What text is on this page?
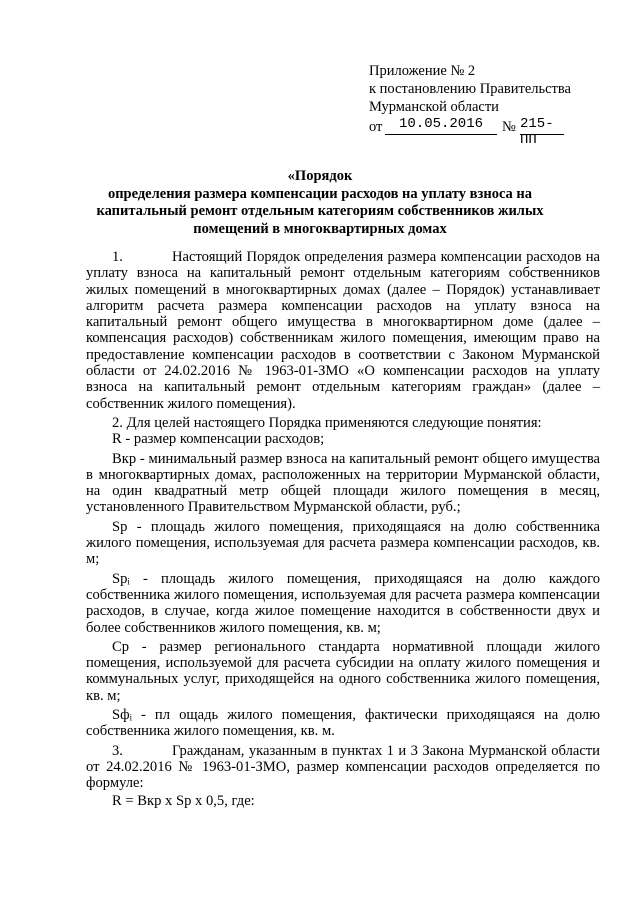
Приложение № 2
к постановлению Правительства
Мурманской области
от	10.05.2016	№ 215-ПП
«Порядок
определения размера компенсации расходов на уплату взноса на
капитальный ремонт отдельным категориям собственников жилых
помещений в многоквартирных домах

1.	Настоящий Порядок определения размера компенсации расходов на уплату взноса на капитальный ремонт отдельным категориям собственников жилых помещений в многоквартирных домах (далее – Порядок) устанавливает алгоритм расчета размера компенсации расходов на уплату взноса на капитальный ремонт общего имущества в многоквартирном доме (далее – компенсация расходов) собственникам жилого помещения, имеющим право на предоставление компенсации расходов в соответствии с Законом Мурманской области от 24.02.2016 № 1963-01-ЗМО «О компенсации расходов на уплату взноса на капитальный ремонт отдельным категориям граждан» (далее – собственник жилого помещения).

2. Для целей настоящего Порядка применяются следующие понятия:

R - размер компенсации расходов;

Вкр - минимальный размер взноса на капитальный ремонт общего имущества в многоквартирных домах, расположенных на территории Мурманской области, на один квадратный метр общей площади жилого помещения в месяц, установленного Правительством Мурманской области, руб.;

Sp - площадь жилого помещения, приходящаяся на долю собственника жилого помещения, используемая для расчета размера компенсации расходов, кв. м;

Spᵢ - площадь жилого помещения, приходящаяся на долю каждого собственника жилого помещения, используемая для расчета размера компенсации расходов, в случае, когда жилое помещение находится в собственности двух и более собственников жилого помещения, кв. м;

Ср - размер регионального стандарта нормативной площади жилого помещения, используемой для расчета субсидии на оплату жилого помещения и коммунальных услуг, приходящейся на одного собственника жилого помещения, кв. м;

Sфᵢ - пл ощадь жилого помещения, фактически приходящаяся на долю собственника жилого помещения, кв. м.

3.	Гражданам, указанным в пунктах 1 и 3 Закона Мурманской области от 24.02.2016 № 1963-01-ЗМО, размер компенсации расходов определяется по формуле:

R = Вкр х Sp х 0,5, где:
